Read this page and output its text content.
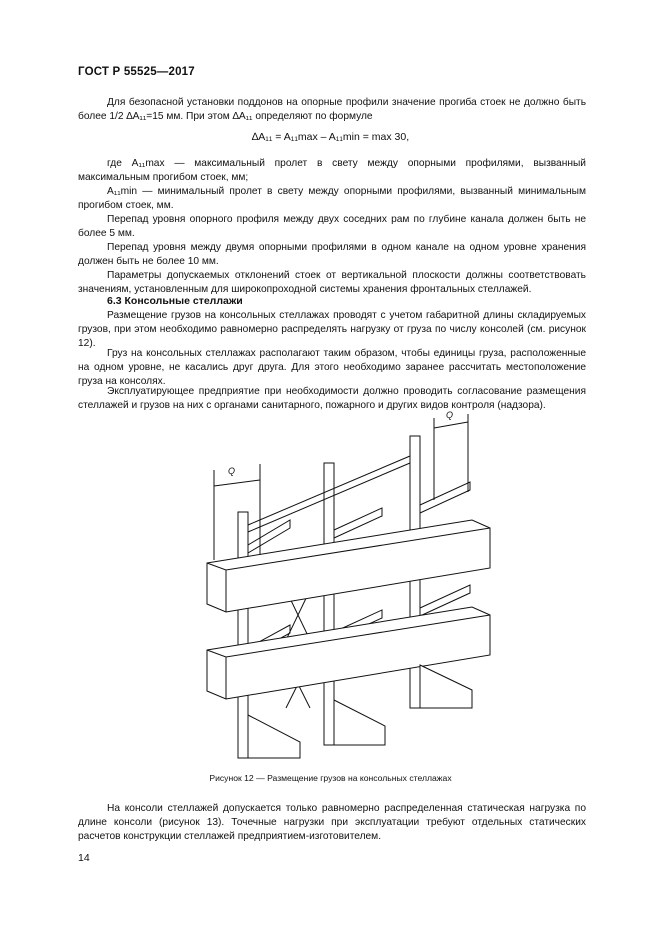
ГОСТ Р 55525—2017
Для безопасной установки поддонов на опорные профили значение прогиба стоек не должно быть более 1/2 ∆A₁₁=15 мм. При этом ∆A₁₁ определяют по формуле
∆A₁₁ = A₁₁max – A₁₁min = max 30,
где A₁₁max — максимальный пролет в свету между опорными профилями, вызванный максимальным прогибом стоек, мм;
A₁₁min — минимальный пролет в свету между опорными профилями, вызванный минимальным прогибом стоек, мм.
Перепад уровня опорного профиля между двух соседних рам по глубине канала должен быть не более 5 мм.
Перепад уровня между двумя опорными профилями в одном канале на одном уровне хранения должен быть не более 10 мм.
Параметры допускаемых отклонений стоек от вертикальной плоскости должны соответствовать значениям, установленным для широкопроходной системы хранения фронтальных стеллажей.
6.3 Консольные стеллажи
Размещение грузов на консольных стеллажах проводят с учетом габаритной длины складируемых грузов, при этом необходимо равномерно распределять нагрузку от груза по числу консолей (см. рисунок 12).
Груз на консольных стеллажах располагают таким образом, чтобы единицы груза, расположенные на одном уровне, не касались друг друга. Для этого необходимо заранее рассчитать местоположение груза на консолях.
Эксплуатирующее предприятие при необходимости должно проводить согласование размещения стеллажей и грузов на них с органами санитарного, пожарного и других видов контроля (надзора).
Q
Q
Рисунок 12 — Размещение грузов на консольных стеллажах
На консоли стеллажей допускается только равномерно распределенная статическая нагрузка по длине консоли (рисунок 13). Точечные нагрузки при эксплуатации требуют отдельных статических расчетов конструкции стеллажей предприятием-изготовителем.
14
